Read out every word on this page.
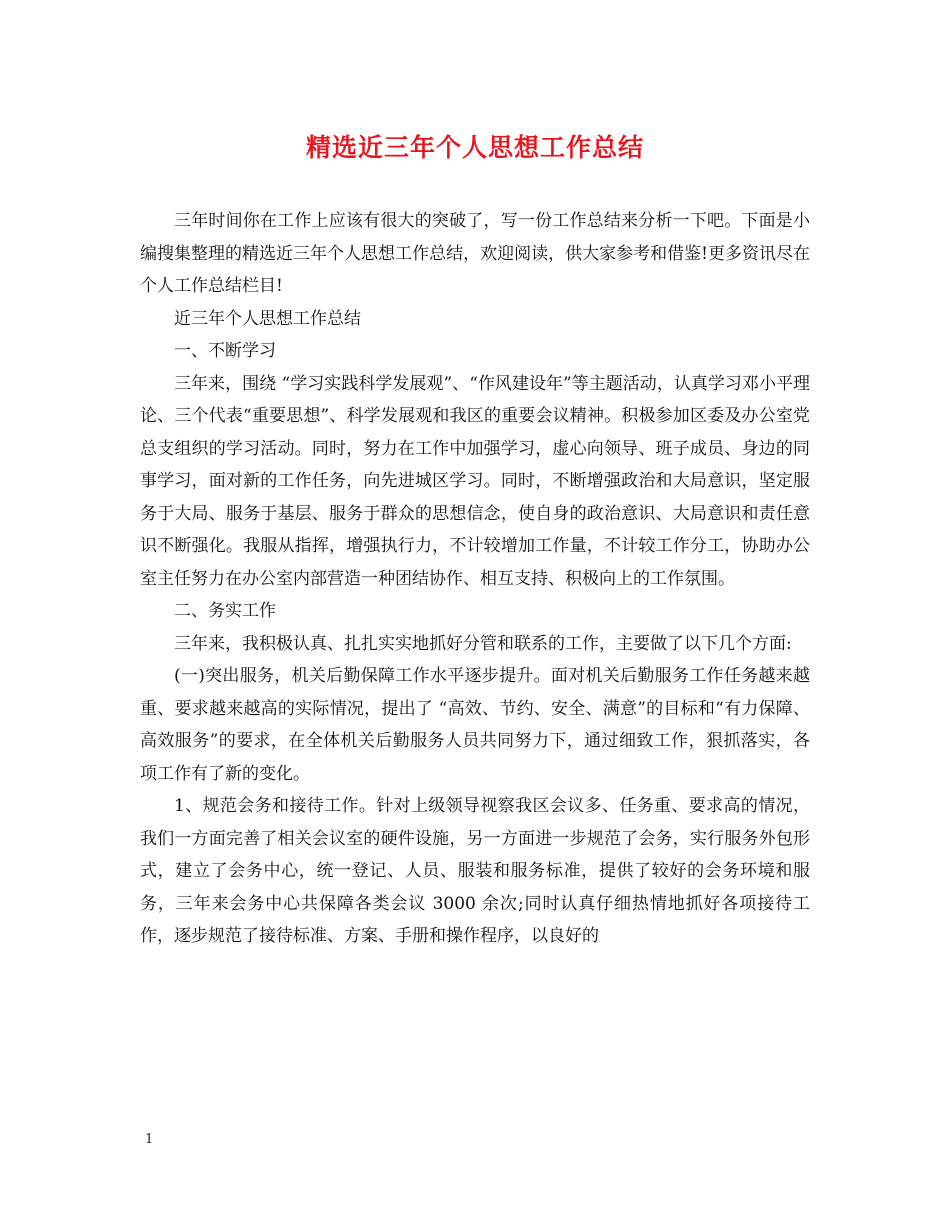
精选近三年个人思想工作总结

三年时间你在工作上应该有很大的突破了，写一份工作总结来分析一下吧。下面是小编搜集整理的精选近三年个人思想工作总结，欢迎阅读，供大家参考和借鉴!更多资讯尽在个人工作总结栏目!

近三年个人思想工作总结

一、不断学习

三年来，围绕 “学习实践科学发展观”、“作风建设年”等主题活动，认真学习邓小平理论、三个代表“重要思想”、科学发展观和我区的重要会议精神。积极参加区委及办公室党总支组织的学习活动。同时，努力在工作中加强学习，虚心向领导、班子成员、身边的同事学习，面对新的工作任务，向先进城区学习。同时，不断增强政治和大局意识，坚定服务于大局、服务于基层、服务于群众的思想信念，使自身的政治意识、大局意识和责任意识不断强化。我服从指挥，增强执行力，不计较增加工作量，不计较工作分工，协助办公室主任努力在办公室内部营造一种团结协作、相互支持、积极向上的工作氛围。

二、务实工作

三年来，我积极认真、扎扎实实地抓好分管和联系的工作，主要做了以下几个方面:

(一)突出服务，机关后勤保障工作水平逐步提升。面对机关后勤服务工作任务越来越重、要求越来越高的实际情况，提出了 “高效、节约、安全、满意”的目标和“有力保障、高效服务”的要求，在全体机关后勤服务人员共同努力下，通过细致工作，狠抓落实，各项工作有了新的变化。

1、规范会务和接待工作。针对上级领导视察我区会议多、任务重、要求高的情况，我们一方面完善了相关会议室的硬件设施，另一方面进一步规范了会务，实行服务外包形式，建立了会务中心，统一登记、人员、服装和服务标准，提供了较好的会务环境和服务，三年来会务中心共保障各类会议 3000 余次;同时认真仔细热情地抓好各项接待工作，逐步规范了接待标准、方案、手册和操作程序，以良好的

1
